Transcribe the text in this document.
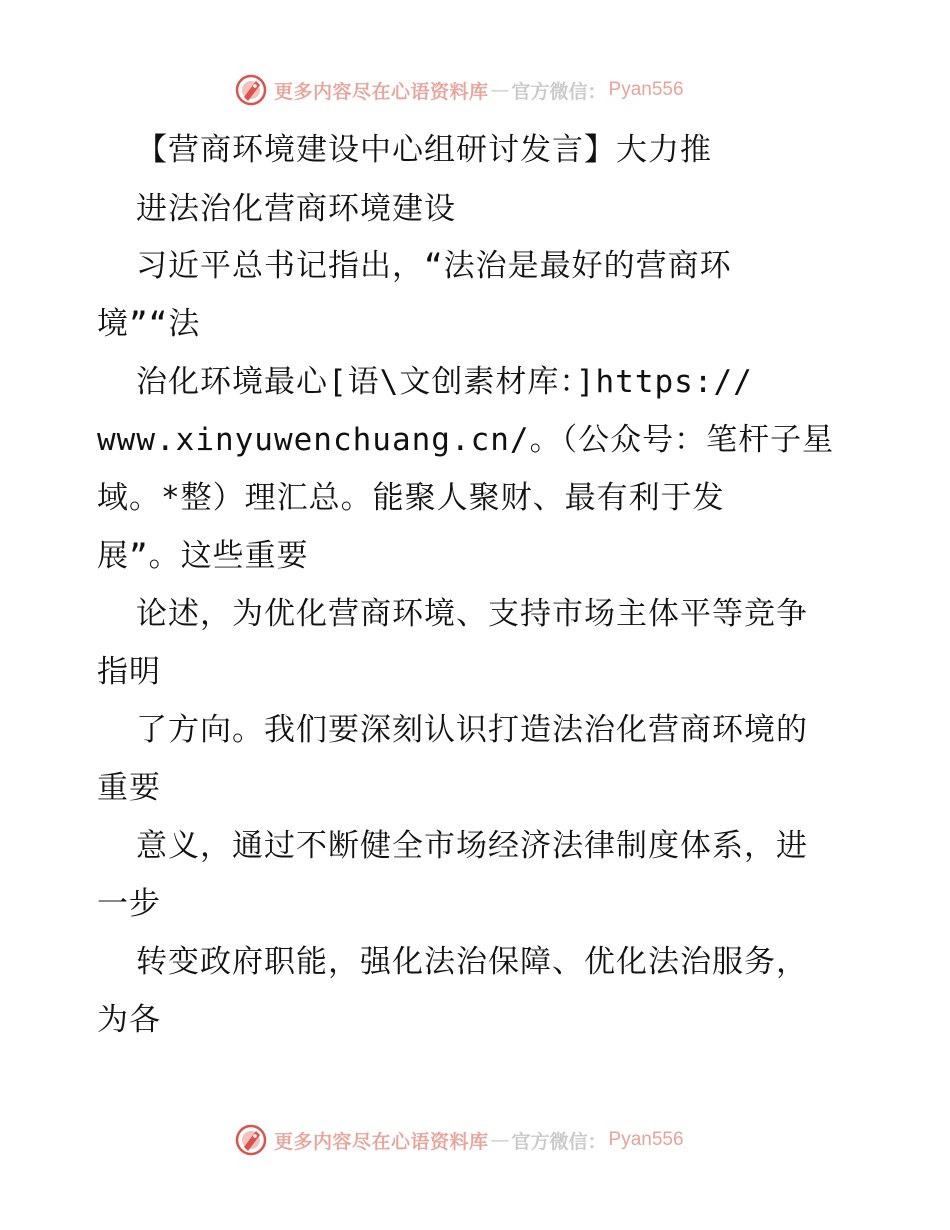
更多内容尽在心语资料库 — 官方微信： Pyan556
【营商环境建设中心组研讨发言】大力推
进法治化营商环境建设
习近平总书记指出，“法治是最好的营商环
境”“法
治化环境最心[语\文创素材库：]https://
www.xinyuwenchuang.cn/。（公众号：笔杆子星
域。*整）理汇总。能聚人聚财、最有利于发
展”。这些重要
论述，为优化营商环境、支持市场主体平等竞争
指明
了方向。我们要深刻认识打造法治化营商环境的
重要
意义，通过不断健全市场经济法律制度体系，进
一步
转变政府职能，强化法治保障、优化法治服务，
为各
更多内容尽在心语资料库 — 官方微信： Pyan556
